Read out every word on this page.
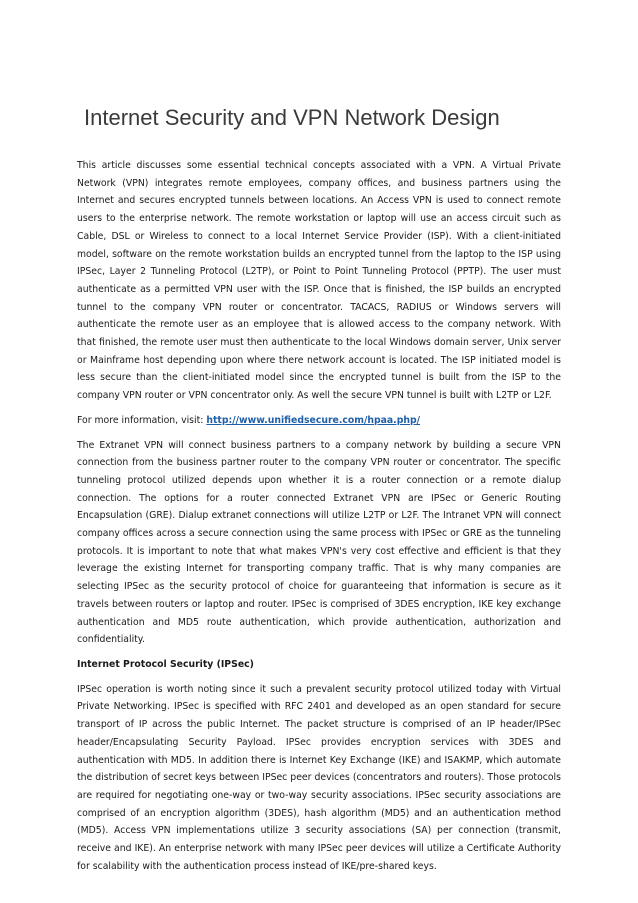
Internet Security and VPN Network Design

This article discusses some essential technical concepts associated with a VPN. A Virtual Private Network (VPN) integrates remote employees, company offices, and business partners using the Internet and secures encrypted tunnels between locations. An Access VPN is used to connect remote users to the enterprise network. The remote workstation or laptop will use an access circuit such as Cable, DSL or Wireless to connect to a local Internet Service Provider (ISP). With a client-initiated model, software on the remote workstation builds an encrypted tunnel from the laptop to the ISP using IPSec, Layer 2 Tunneling Protocol (L2TP), or Point to Point Tunneling Protocol (PPTP). The user must authenticate as a permitted VPN user with the ISP. Once that is finished, the ISP builds an encrypted tunnel to the company VPN router or concentrator. TACACS, RADIUS or Windows servers will authenticate the remote user as an employee that is allowed access to the company network. With that finished, the remote user must then authenticate to the local Windows domain server, Unix server or Mainframe host depending upon where there network account is located. The ISP initiated model is less secure than the client-initiated model since the encrypted tunnel is built from the ISP to the company VPN router or VPN concentrator only. As well the secure VPN tunnel is built with L2TP or L2F.

For more information, visit: http://www.unifiedsecure.com/hpaa.php/

The Extranet VPN will connect business partners to a company network by building a secure VPN connection from the business partner router to the company VPN router or concentrator. The specific tunneling protocol utilized depends upon whether it is a router connection or a remote dialup connection. The options for a router connected Extranet VPN are IPSec or Generic Routing Encapsulation (GRE). Dialup extranet connections will utilize L2TP or L2F. The Intranet VPN will connect company offices across a secure connection using the same process with IPSec or GRE as the tunneling protocols. It is important to note that what makes VPN's very cost effective and efficient is that they leverage the existing Internet for transporting company traffic. That is why many companies are selecting IPSec as the security protocol of choice for guaranteeing that information is secure as it travels between routers or laptop and router. IPSec is comprised of 3DES encryption, IKE key exchange authentication and MD5 route authentication, which provide authentication, authorization and confidentiality.

Internet Protocol Security (IPSec)

IPSec operation is worth noting since it such a prevalent security protocol utilized today with Virtual Private Networking. IPSec is specified with RFC 2401 and developed as an open standard for secure transport of IP across the public Internet. The packet structure is comprised of an IP header/IPSec header/Encapsulating Security Payload. IPSec provides encryption services with 3DES and authentication with MD5. In addition there is Internet Key Exchange (IKE) and ISAKMP, which automate the distribution of secret keys between IPSec peer devices (concentrators and routers). Those protocols are required for negotiating one-way or two-way security associations. IPSec security associations are comprised of an encryption algorithm (3DES), hash algorithm (MD5) and an authentication method (MD5). Access VPN implementations utilize 3 security associations (SA) per connection (transmit, receive and IKE). An enterprise network with many IPSec peer devices will utilize a Certificate Authority for scalability with the authentication process instead of IKE/pre-shared keys.
